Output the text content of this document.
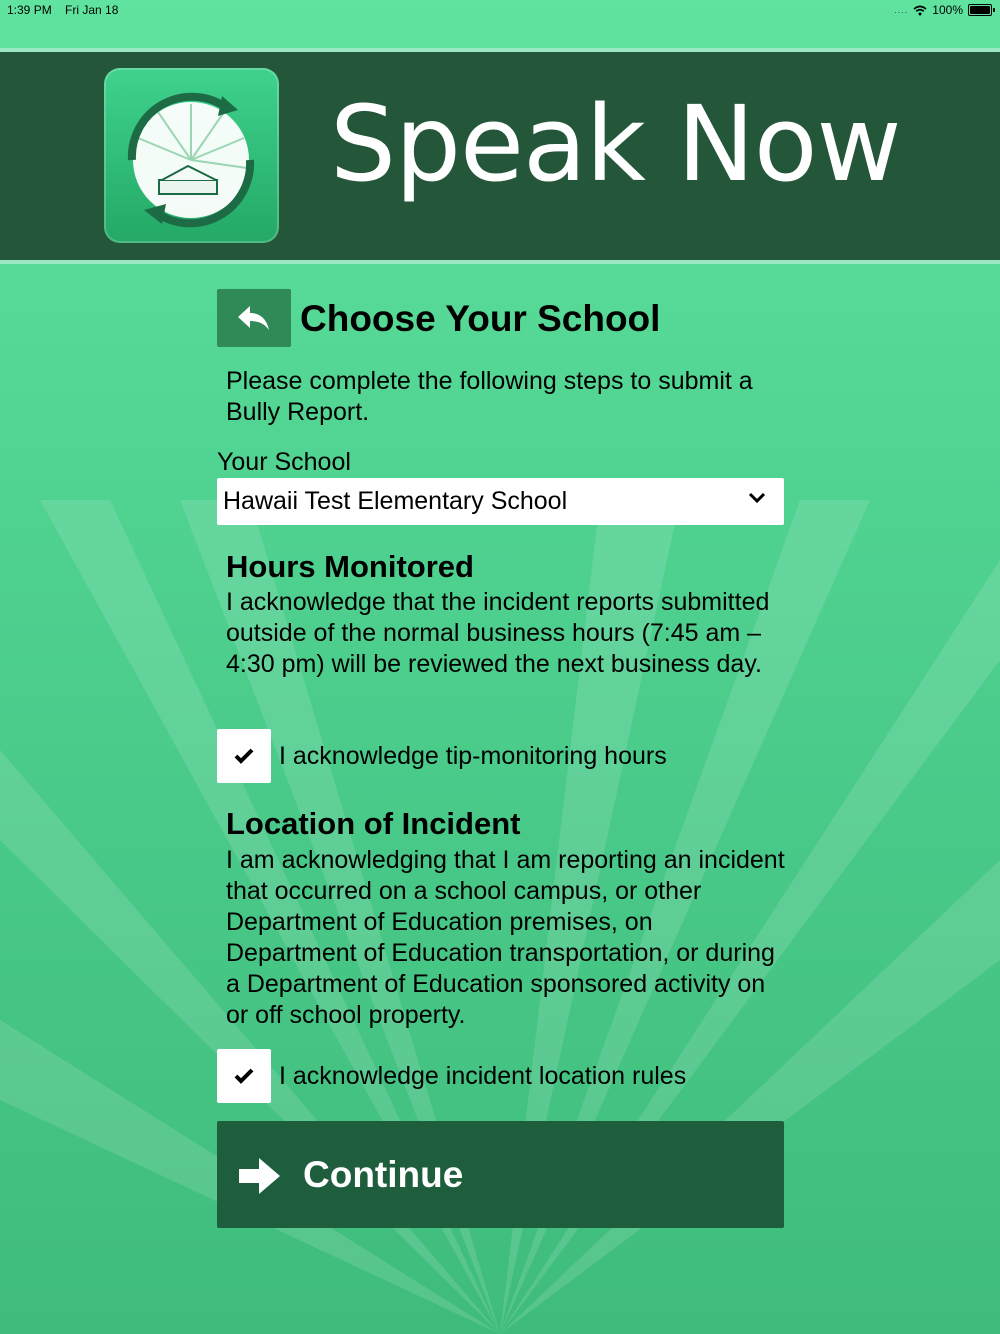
1:39 PM Fri Jan 18	.... 100%
Speak Now
Choose Your School
Please complete the following steps to submit a Bully Report.
Your School
Hawaii Test Elementary School
Hours Monitored
I acknowledge that the incident reports submitted outside of the normal business hours (7:45 am – 4:30 pm) will be reviewed the next business day.
I acknowledge tip-monitoring hours
Location of Incident
I am acknowledging that I am reporting an incident that occurred on a school campus, or other Department of Education premises, on Department of Education transportation, or during a Department of Education sponsored activity on or off school property.
I acknowledge incident location rules
Continue
